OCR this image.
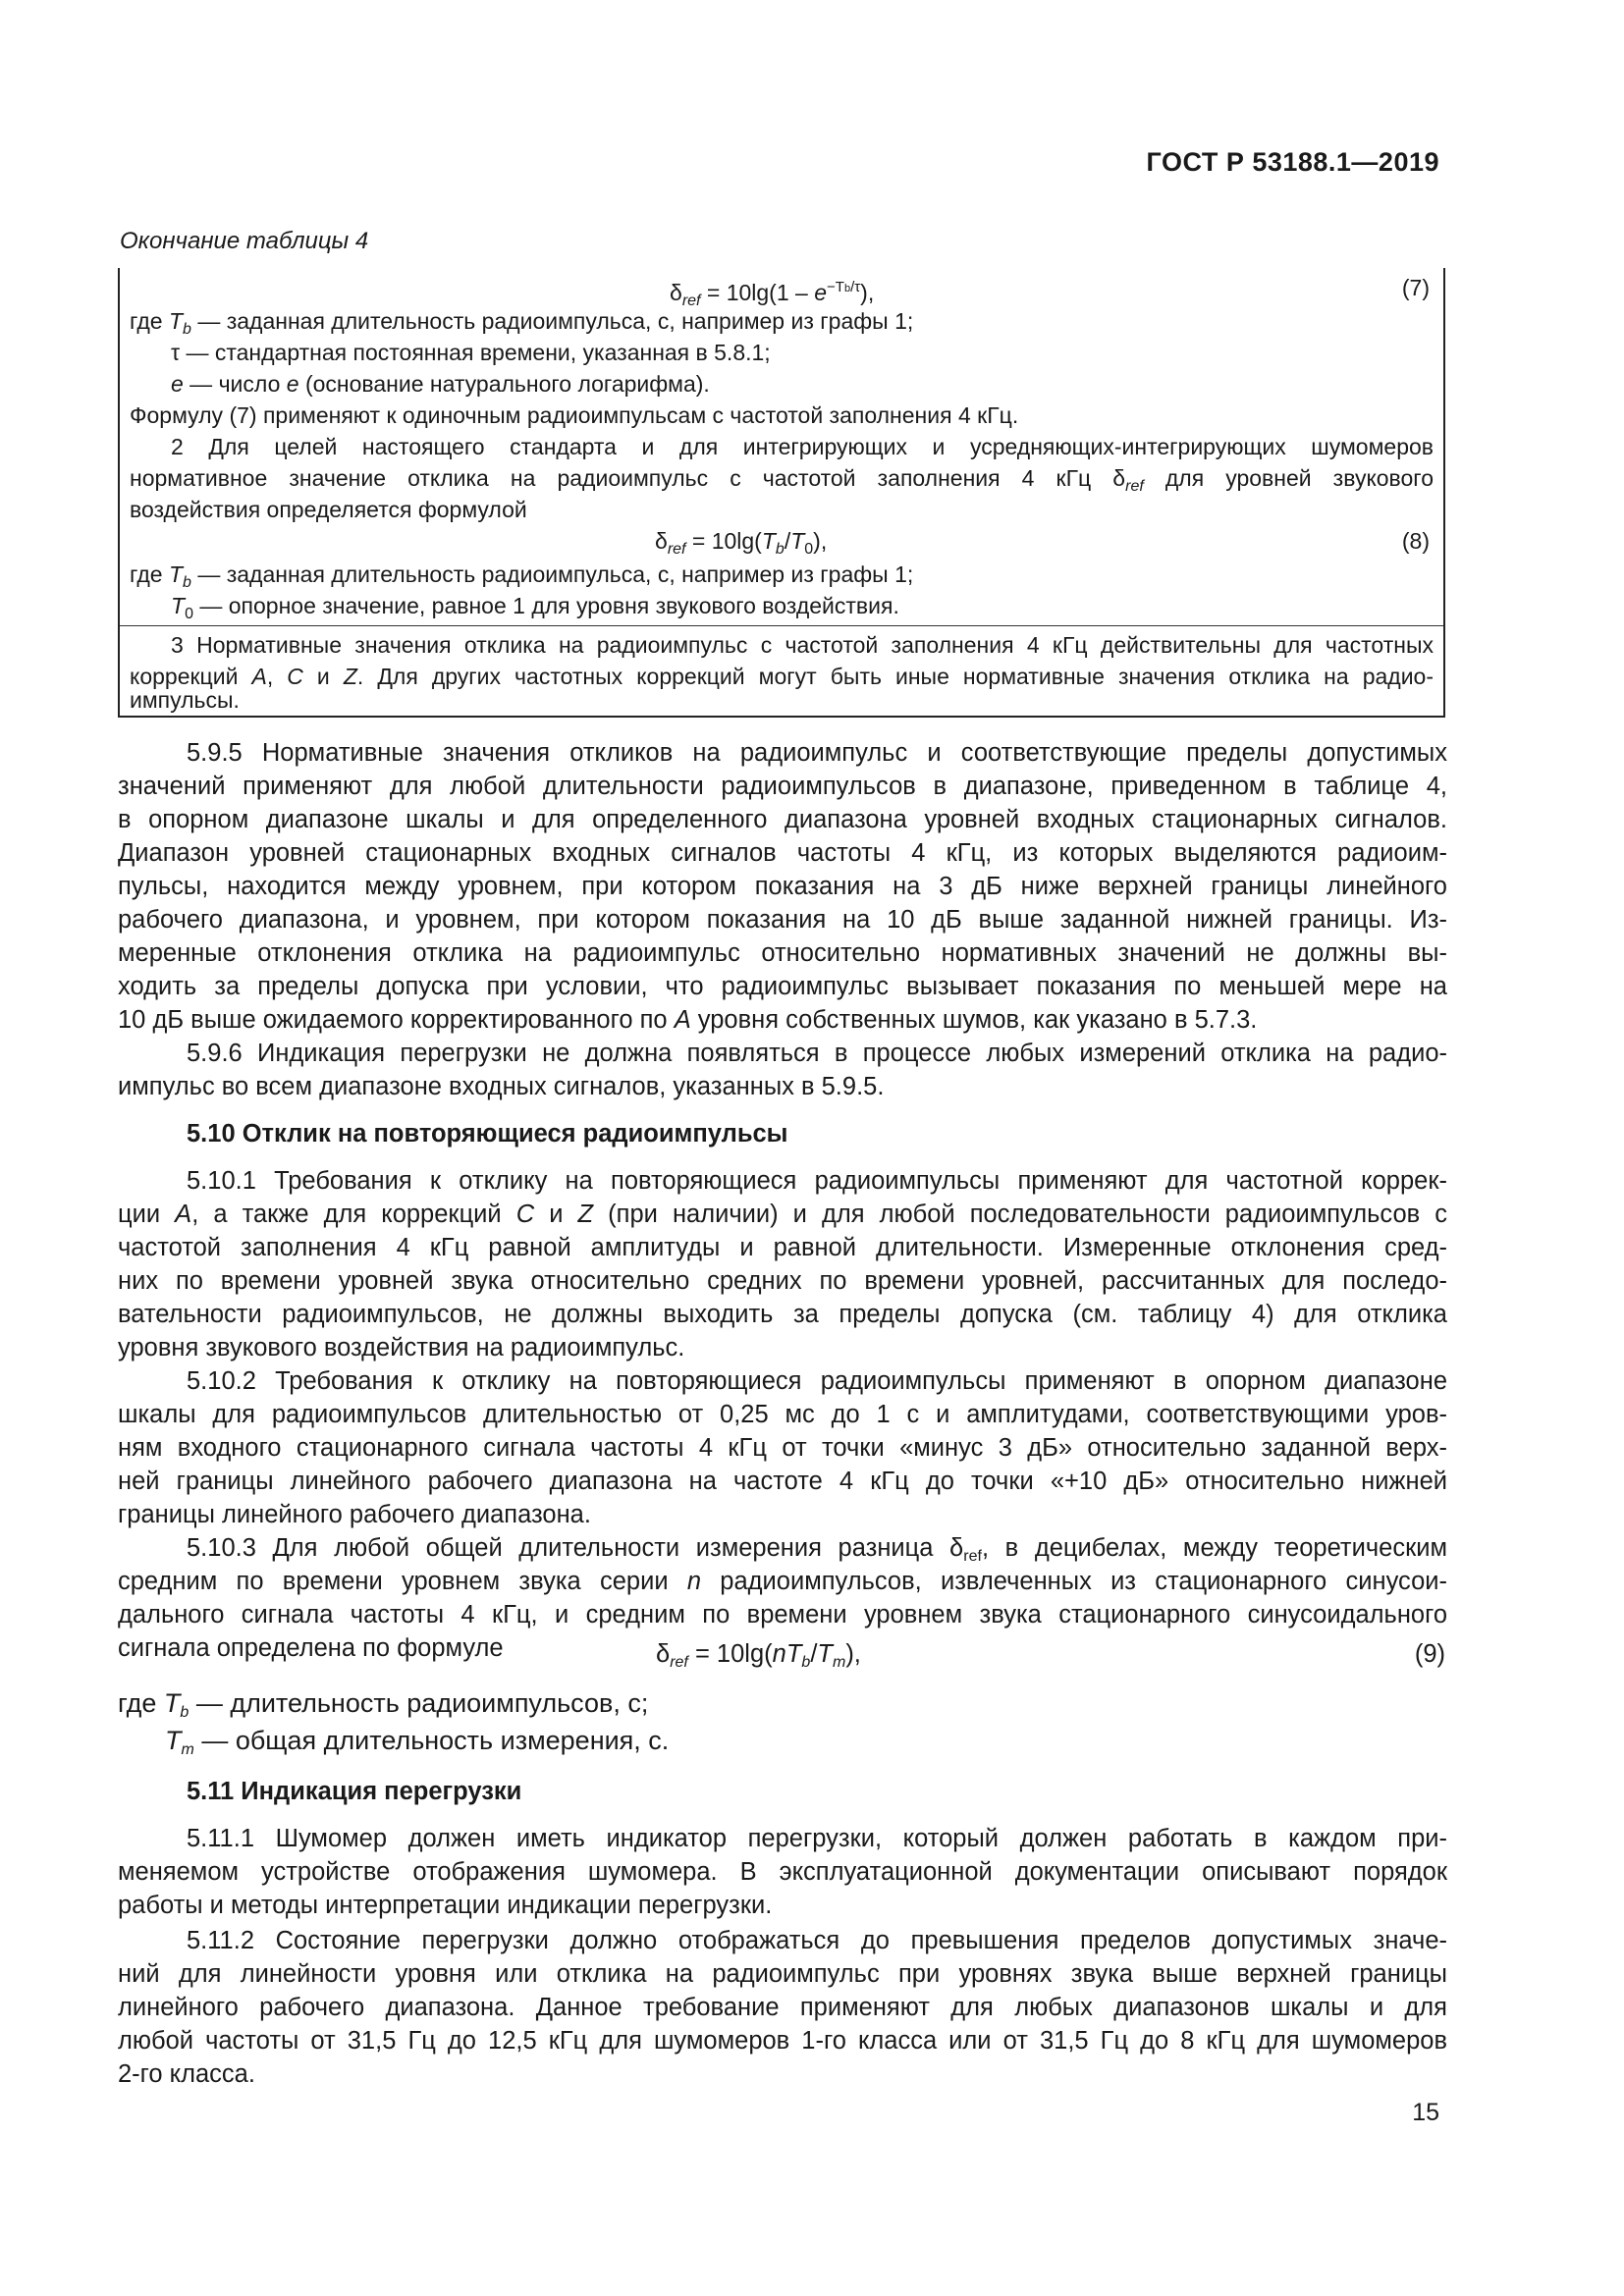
ГОСТ Р 53188.1—2019
Окончание таблицы 4
$\delta_{ref} = 10\lg(1 - e^{-Tb/\tau})$,	(7)
где $T_b$ — заданная длительность радиоимпульса, с, например из графы 1;
τ — стандартная постоянная времени, указанная в 5.8.1;
e — число e (основание натурального логарифма).
Формулу (7) применяют к одиночным радиоимпульсам с частотой заполнения 4 кГц.
2 Для целей настоящего стандарта и для интегрирующих и усредняющих-интегрирующих шумомеров
нормативное значение отклика на радиоимпульс с частотой заполнения 4 кГц $\delta_{ref}$ для уровней звукового
воздействия определяется формулой
$\delta_{ref} = 10\lg(T_b/T_0)$,	(8)
где $T_b$ — заданная длительность радиоимпульса, с, например из графы 1;
$T_0$ — опорное значение, равное 1 для уровня звукового воздействия.
3 Нормативные значения отклика на радиоимпульс с частотой заполнения 4 кГц действительны для частотных
коррекций A, C и Z. Для других частотных коррекций могут быть иные нормативные значения отклика на радио-
импульсы.
5.9.5 Нормативные значения откликов на радиоимпульс и соответствующие пределы допустимых
значений применяют для любой длительности радиоимпульсов в диапазоне, приведенном в таблице 4,
в опорном диапазоне шкалы и для определенного диапазона уровней входных стационарных сигналов.
Диапазон уровней стационарных входных сигналов частоты 4 кГц, из которых выделяются радиоим-
пульсы, находится между уровнем, при котором показания на 3 дБ ниже верхней границы линейного
рабочего диапазона, и уровнем, при котором показания на 10 дБ выше заданной нижней границы. Из-
меренные отклонения отклика на радиоимпульс относительно нормативных значений не должны вы-
ходить за пределы допуска при условии, что радиоимпульс вызывает показания по меньшей мере на
10 дБ выше ожидаемого корректированного по A уровня собственных шумов, как указано в 5.7.3.
5.9.6 Индикация перегрузки не должна появляться в процессе любых измерений отклика на радио-
импульс во всем диапазоне входных сигналов, указанных в 5.9.5.
5.10 Отклик на повторяющиеся радиоимпульсы
5.10.1 Требования к отклику на повторяющиеся радиоимпульсы применяют для частотной коррек-
ции A, а также для коррекций C и Z (при наличии) и для любой последовательности радиоимпульсов с
частотой заполнения 4 кГц равной амплитуды и равной длительности. Измеренные отклонения сред-
них по времени уровней звука относительно средних по времени уровней, рассчитанных для последо-
вательности радиоимпульсов, не должны выходить за пределы допуска (см. таблицу 4) для отклика
уровня звукового воздействия на радиоимпульс.
5.10.2 Требования к отклику на повторяющиеся радиоимпульсы применяют в опорном диапазоне
шкалы для радиоимпульсов длительностью от 0,25 мс до 1 с и амплитудами, соответствующими уров-
ням входного стационарного сигнала частоты 4 кГц от точки «минус 3 дБ» относительно заданной верх-
ней границы линейного рабочего диапазона на частоте 4 кГц до точки «+10 дБ» относительно нижней
границы линейного рабочего диапазона.
5.10.3 Для любой общей длительности измерения разница $\delta_{ref}$, в децибелах, между теоретическим
средним по времени уровнем звука серии n радиоимпульсов, извлеченных из стационарного синусои-
дального сигнала частоты 4 кГц, и средним по времени уровнем звука стационарного синусоидального
сигнала определена по формуле	$\delta_{ref} = 10\lg(nT_b/T_m)$,	(9)
где $T_b$ — длительность радиоимпульсов, с;
$T_m$ — общая длительность измерения, с.
5.11 Индикация перегрузки
5.11.1 Шумомер должен иметь индикатор перегрузки, который должен работать в каждом при-
меняемом устройстве отображения шумомера. В эксплуатационной документации описывают порядок
работы и методы интерпретации индикации перегрузки.
5.11.2 Состояние перегрузки должно отображаться до превышения пределов допустимых значе-
ний для линейности уровня или отклика на радиоимпульс при уровнях звука выше верхней границы
линейного рабочего диапазона. Данное требование применяют для любых диапазонов шкалы и для
любой частоты от 31,5 Гц до 12,5 кГц для шумомеров 1-го класса или от 31,5 Гц до 8 кГц для шумомеров
2-го класса.
15
